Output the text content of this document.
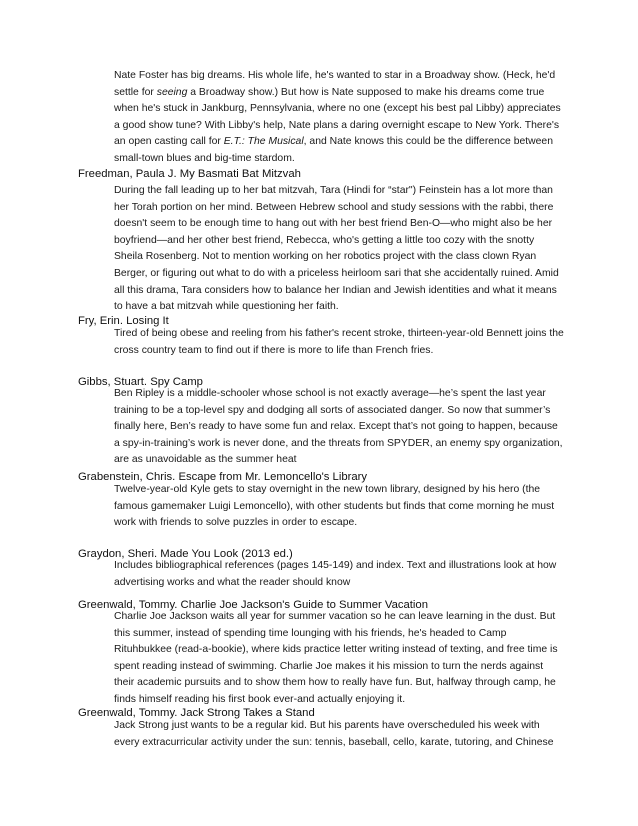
Nate Foster has big dreams. His whole life, he's wanted to star in a Broadway show. (Heck, he'd settle for seeing a Broadway show.) But how is Nate supposed to make his dreams come true when he's stuck in Jankburg, Pennsylvania, where no one (except his best pal Libby) appreciates a good show tune? With Libby's help, Nate plans a daring overnight escape to New York. There's an open casting call for E.T.: The Musical, and Nate knows this could be the difference between small-town blues and big-time stardom.

Freedman, Paula J. My Basmati Bat Mitzvah

During the fall leading up to her bat mitzvah, Tara (Hindi for “star") Feinstein has a lot more than her Torah portion on her mind. Between Hebrew school and study sessions with the rabbi, there doesn't seem to be enough time to hang out with her best friend Ben-O—who might also be her boyfriend—and her other best friend, Rebecca, who's getting a little too cozy with the snotty Sheila Rosenberg. Not to mention working on her robotics project with the class clown Ryan Berger, or figuring out what to do with a priceless heirloom sari that she accidentally ruined. Amid all this drama, Tara considers how to balance her Indian and Jewish identities and what it means to have a bat mitzvah while questioning her faith.

Fry, Erin. Losing It

Tired of being obese and reeling from his father's recent stroke, thirteen-year-old Bennett joins the cross country team to find out if there is more to life than French fries.

Gibbs, Stuart. Spy Camp

Ben Ripley is a middle-schooler whose school is not exactly average—he’s spent the last year training to be a top-level spy and dodging all sorts of associated danger. So now that summer’s finally here, Ben’s ready to have some fun and relax. Except that’s not going to happen, because a spy-in-training’s work is never done, and the threats from SPYDER, an enemy spy organization, are as unavoidable as the summer heat

Grabenstein, Chris. Escape from Mr. Lemoncello's Library

Twelve-year-old Kyle gets to stay overnight in the new town library, designed by his hero (the famous gamemaker Luigi Lemoncello), with other students but finds that come morning he must work with friends to solve puzzles in order to escape.

Graydon, Sheri. Made You Look (2013 ed.)

Includes bibliographical references (pages 145-149) and index. Text and illustrations look at how advertising works and what the reader should know

Greenwald, Tommy. Charlie Joe Jackson's Guide to Summer Vacation

Charlie Joe Jackson waits all year for summer vacation so he can leave learning in the dust. But this summer, instead of spending time lounging with his friends, he's headed to Camp Rituhbukkee (read-a-bookie), where kids practice letter writing instead of texting, and free time is spent reading instead of swimming. Charlie Joe makes it his mission to turn the nerds against their academic pursuits and to show them how to really have fun. But, halfway through camp, he finds himself reading his first book ever-and actually enjoying it.

Greenwald, Tommy. Jack Strong Takes a Stand

Jack Strong just wants to be a regular kid. But his parents have overscheduled his week with every extracurricular activity under the sun: tennis, baseball, cello, karate, tutoring, and Chinese
